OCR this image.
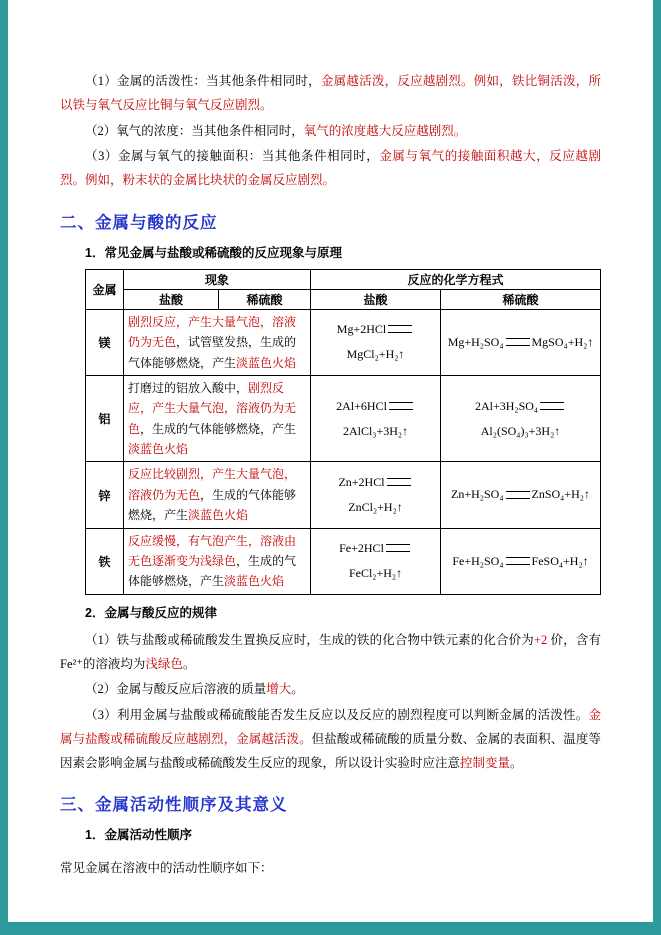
（1）金属的活泼性：当其他条件相同时，金属越活泼，反应越剧烈。例如，铁比铜活泼，所以铁与氧气反应比铜与氧气反应剧烈。

（2）氧气的浓度：当其他条件相同时，氧气的浓度越大反应越剧烈。

（3）金属与氧气的接触面积：当其他条件相同时，金属与氧气的接触面积越大，反应越剧烈。例如，粉末状的金属比块状的金属反应剧烈。

二、金属与酸的反应
1．常见金属与盐酸或稀硫酸的反应现象与原理
金属	现象		反应的化学方程式	
	盐酸	稀硫酸	盐酸	稀硫酸
镁	剧烈反应，产生大量气泡，溶液仍为无色，试管壁发热，生成的气体能够燃烧，产生淡蓝色火焰		Mg+2HCl
MgCl₂+H₂↑	Mg+H₂SO₄ MgSO₄+H₂↑
铝	打磨过的铝放入酸中，剧烈反应，产生大量气泡，溶液仍为无色，生成的气体能够燃烧，产生淡蓝色火焰		2Al+6HCl
2AlCl₃+3H₂↑	2Al+3H₂SO₄
Al₂(SO₄)₃+3H₂↑
锌	反应比较剧烈，产生大量气泡，溶液仍为无色，生成的气体能够燃烧，产生淡蓝色火焰		Zn+2HCl
ZnCl₂+H₂↑	Zn+H₂SO₄ ZnSO₄+H₂↑
铁	反应缓慢，有气泡产生，溶液由无色逐渐变为浅绿色，生成的气体能够燃烧，产生淡蓝色火焰		Fe+2HCl
FeCl₂+H₂↑	Fe+H₂SO₄ FeSO₄+H₂↑
2．金属与酸反应的规律

（1）铁与盐酸或稀硫酸发生置换反应时，生成的铁的化合物中铁元素的化合价为+2 价，含有 Fe²⁺的溶液均为浅绿色。

（2）金属与酸反应后溶液的质量增大。

（3）利用金属与盐酸或稀硫酸能否发生反应以及反应的剧烈程度可以判断金属的活泼性。金属与盐酸或稀硫酸反应越剧烈，金属越活泼。但盐酸或稀硫酸的质量分数、金属的表面积、温度等因素会影响金属与盐酸或稀硫酸发生反应的现象，所以设计实验时应注意控制变量。

三、金属活动性顺序及其意义
1．金属活动性顺序

常见金属在溶液中的活动性顺序如下：
